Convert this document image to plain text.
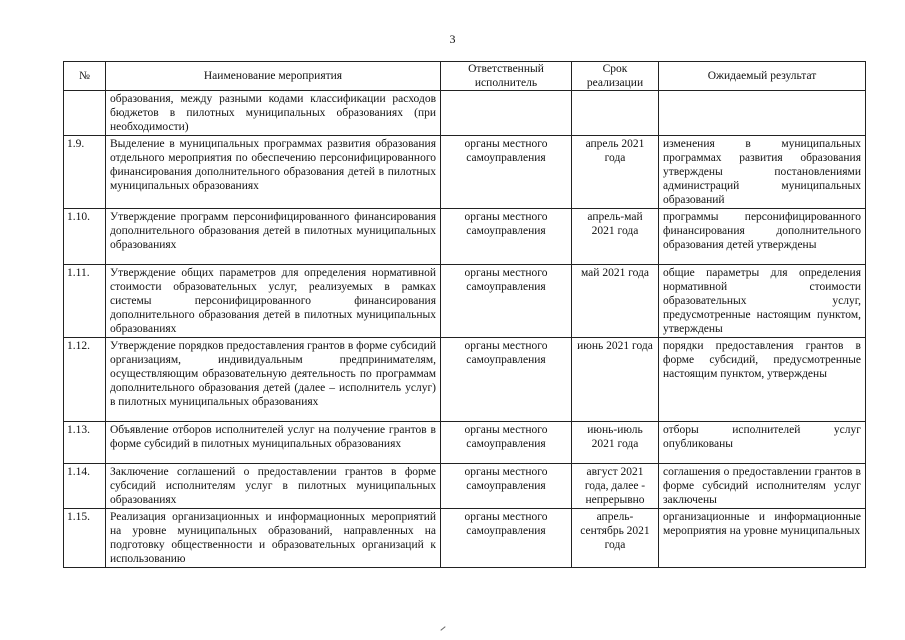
3
№	Наименование мероприятия	Ответственный исполнитель	Срок реализации	Ожидаемый результат
	образования, между разными кодами классификации расходов бюджетов в пилотных муниципальных образованиях (при необходимости)			
1.9.	Выделение в муниципальных программах развития образования отдельного мероприятия по обеспечению персонифицированного финансирования дополнительного образования детей в пилотных муниципальных образованиях	органы местного самоуправления	апрель 2021 года	изменения в муниципальных программах развития образования утверждены постановлениями администраций муниципальных образований
1.10.	Утверждение программ персонифицированного финансирования дополнительного образования детей в пилотных муниципальных образованиях	органы местного самоуправления	апрель-май 2021 года	программы персонифицированного финансирования дополнительного образования детей утверждены
1.11.	Утверждение общих параметров для определения нормативной стоимости образовательных услуг, реализуемых в рамках системы персонифицированного финансирования дополнительного образования детей в пилотных муниципальных образованиях	органы местного самоуправления	май 2021 года	общие параметры для определения нормативной стоимости образовательных услуг, предусмотренные настоящим пунктом, утверждены
1.12.	Утверждение порядков предоставления грантов в форме субсидий организациям, индивидуальным предпринимателям, осуществляющим образовательную деятельность по программам дополнительного образования детей (далее – исполнитель услуг) в пилотных муниципальных образованиях	органы местного самоуправления	июнь 2021 года	порядки предоставления грантов в форме субсидий, предусмотренные настоящим пунктом, утверждены
1.13.	Объявление отборов исполнителей услуг на получение грантов в форме субсидий в пилотных муниципальных образованиях	органы местного самоуправления	июнь-июль 2021 года	отборы исполнителей услуг опубликованы
1.14.	Заключение соглашений о предоставлении грантов в форме субсидий исполнителям услуг в пилотных муниципальных образованиях	органы местного самоуправления	август 2021 года, далее - непрерывно	соглашения о предоставлении грантов в форме субсидий исполнителям услуг заключены
1.15.	Реализация организационных и информационных мероприятий на уровне муниципальных образований, направленных на подготовку общественности и образовательных организаций к использованию	органы местного самоуправления	апрель-сентябрь 2021 года	организационные и информационные мероприятия на уровне муниципальных
